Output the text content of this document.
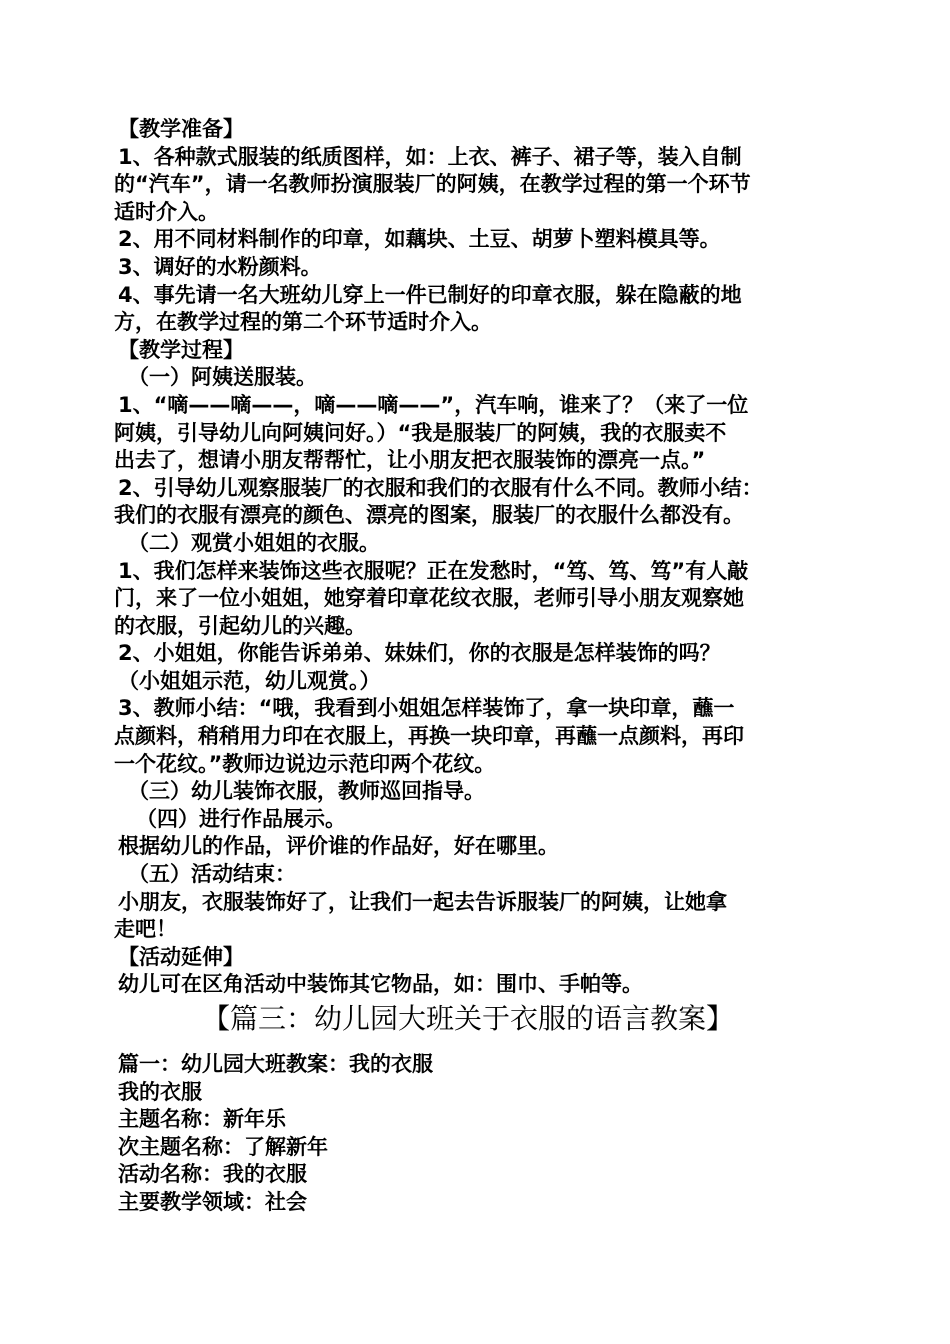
【教学准备】
1、各种款式服装的纸质图样，如：上衣、裤子、裙子等，装入自制
的“汽车”，请一名教师扮演服装厂的阿姨，在教学过程的第一个环节
适时介入。
2、用不同材料制作的印章，如藕块、土豆、胡萝卜塑料模具等。
3、调好的水粉颜料。
4、事先请一名大班幼儿穿上一件已制好的印章衣服，躲在隐蔽的地
方，在教学过程的第二个环节适时介入。
【教学过程】
（一）阿姨送服装。
1、“嘀——嘀——，嘀——嘀——”，汽车响，谁来了？（来了一位
阿姨，引导幼儿向阿姨问好。）“我是服装厂的阿姨，我的衣服卖不
出去了，想请小朋友帮帮忙，让小朋友把衣服装饰的漂亮一点。”
2、引导幼儿观察服装厂的衣服和我们的衣服有什么不同。教师小结：
我们的衣服有漂亮的颜色、漂亮的图案，服装厂的衣服什么都没有。
（二）观赏小姐姐的衣服。
1、我们怎样来装饰这些衣服呢？正在发愁时，“笃、笃、笃”有人敲
门，来了一位小姐姐，她穿着印章花纹衣服，老师引导小朋友观察她
的衣服，引起幼儿的兴趣。
2、小姐姐，你能告诉弟弟、妹妹们，你的衣服是怎样装饰的吗？
（小姐姐示范，幼儿观赏。）
3、教师小结：“哦，我看到小姐姐怎样装饰了，拿一块印章，蘸一
点颜料，稍稍用力印在衣服上，再换一块印章，再蘸一点颜料，再印
一个花纹。”教师边说边示范印两个花纹。
（三）幼儿装饰衣服，教师巡回指导。
（四）进行作品展示。
根据幼儿的作品，评价谁的作品好，好在哪里。
（五）活动结束：
小朋友，衣服装饰好了，让我们一起去告诉服装厂的阿姨，让她拿
走吧！
【活动延伸】
幼儿可在区角活动中装饰其它物品，如：围巾、手帕等。
【篇三：幼儿园大班关于衣服的语言教案】
篇一：幼儿园大班教案：我的衣服
我的衣服
主题名称：新年乐
次主题名称：了解新年
活动名称：我的衣服
主要教学领域：社会
